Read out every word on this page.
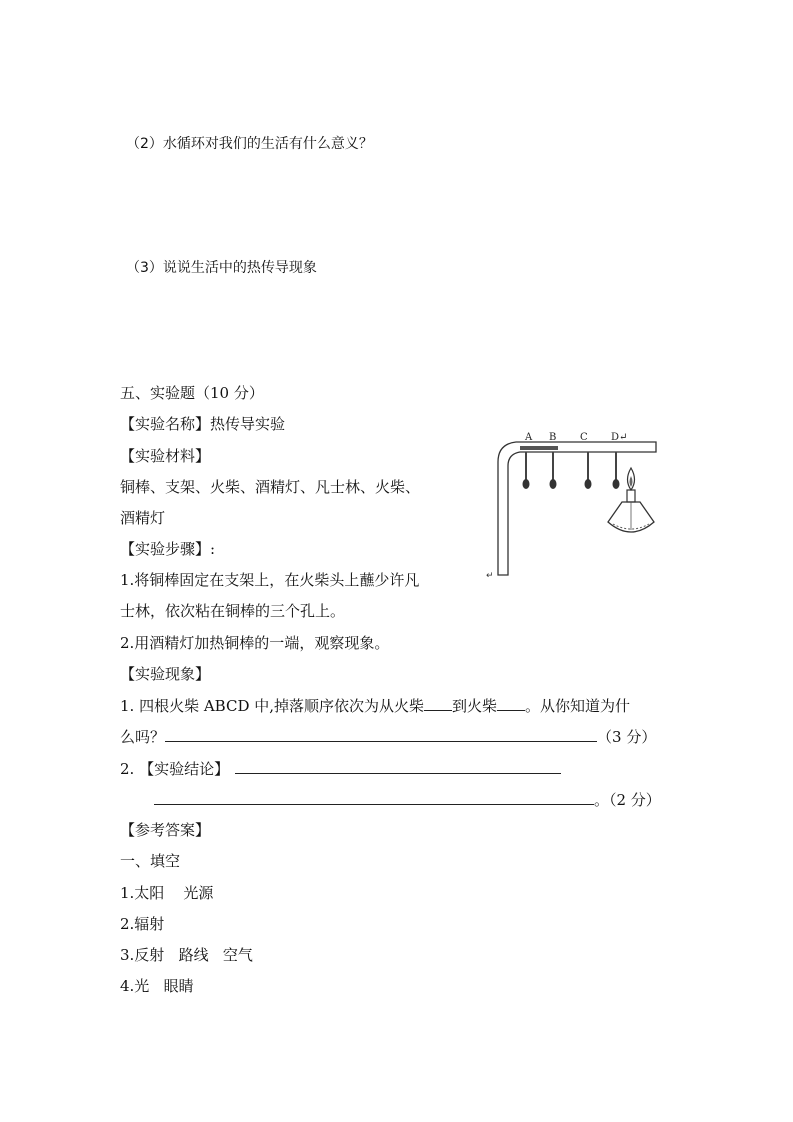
（2）水循环对我们的生活有什么意义？
（3）说说生活中的热传导现象
五、实验题（10 分）
【实验名称】热传导实验
【实验材料】
铜棒、支架、火柴、酒精灯、凡士林、火柴、
酒精灯
【实验步骤】:
1.将铜棒固定在支架上，在火柴头上蘸少许凡
士林，依次粘在铜棒的三个孔上。
2.用酒精灯加热铜棒的一端，观察现象。
【实验现象】
1. 四根火柴 ABCD 中,掉落顺序依次为从火柴 到火柴 。从你知道为什
么吗？	（3 分）
2. 【实验结论】
。（2 分）
【参考答案】
一、填空
1.太阳    光源
2.辐射
3.反射   路线   空气
4.光   眼睛
A B C D↵
↵
